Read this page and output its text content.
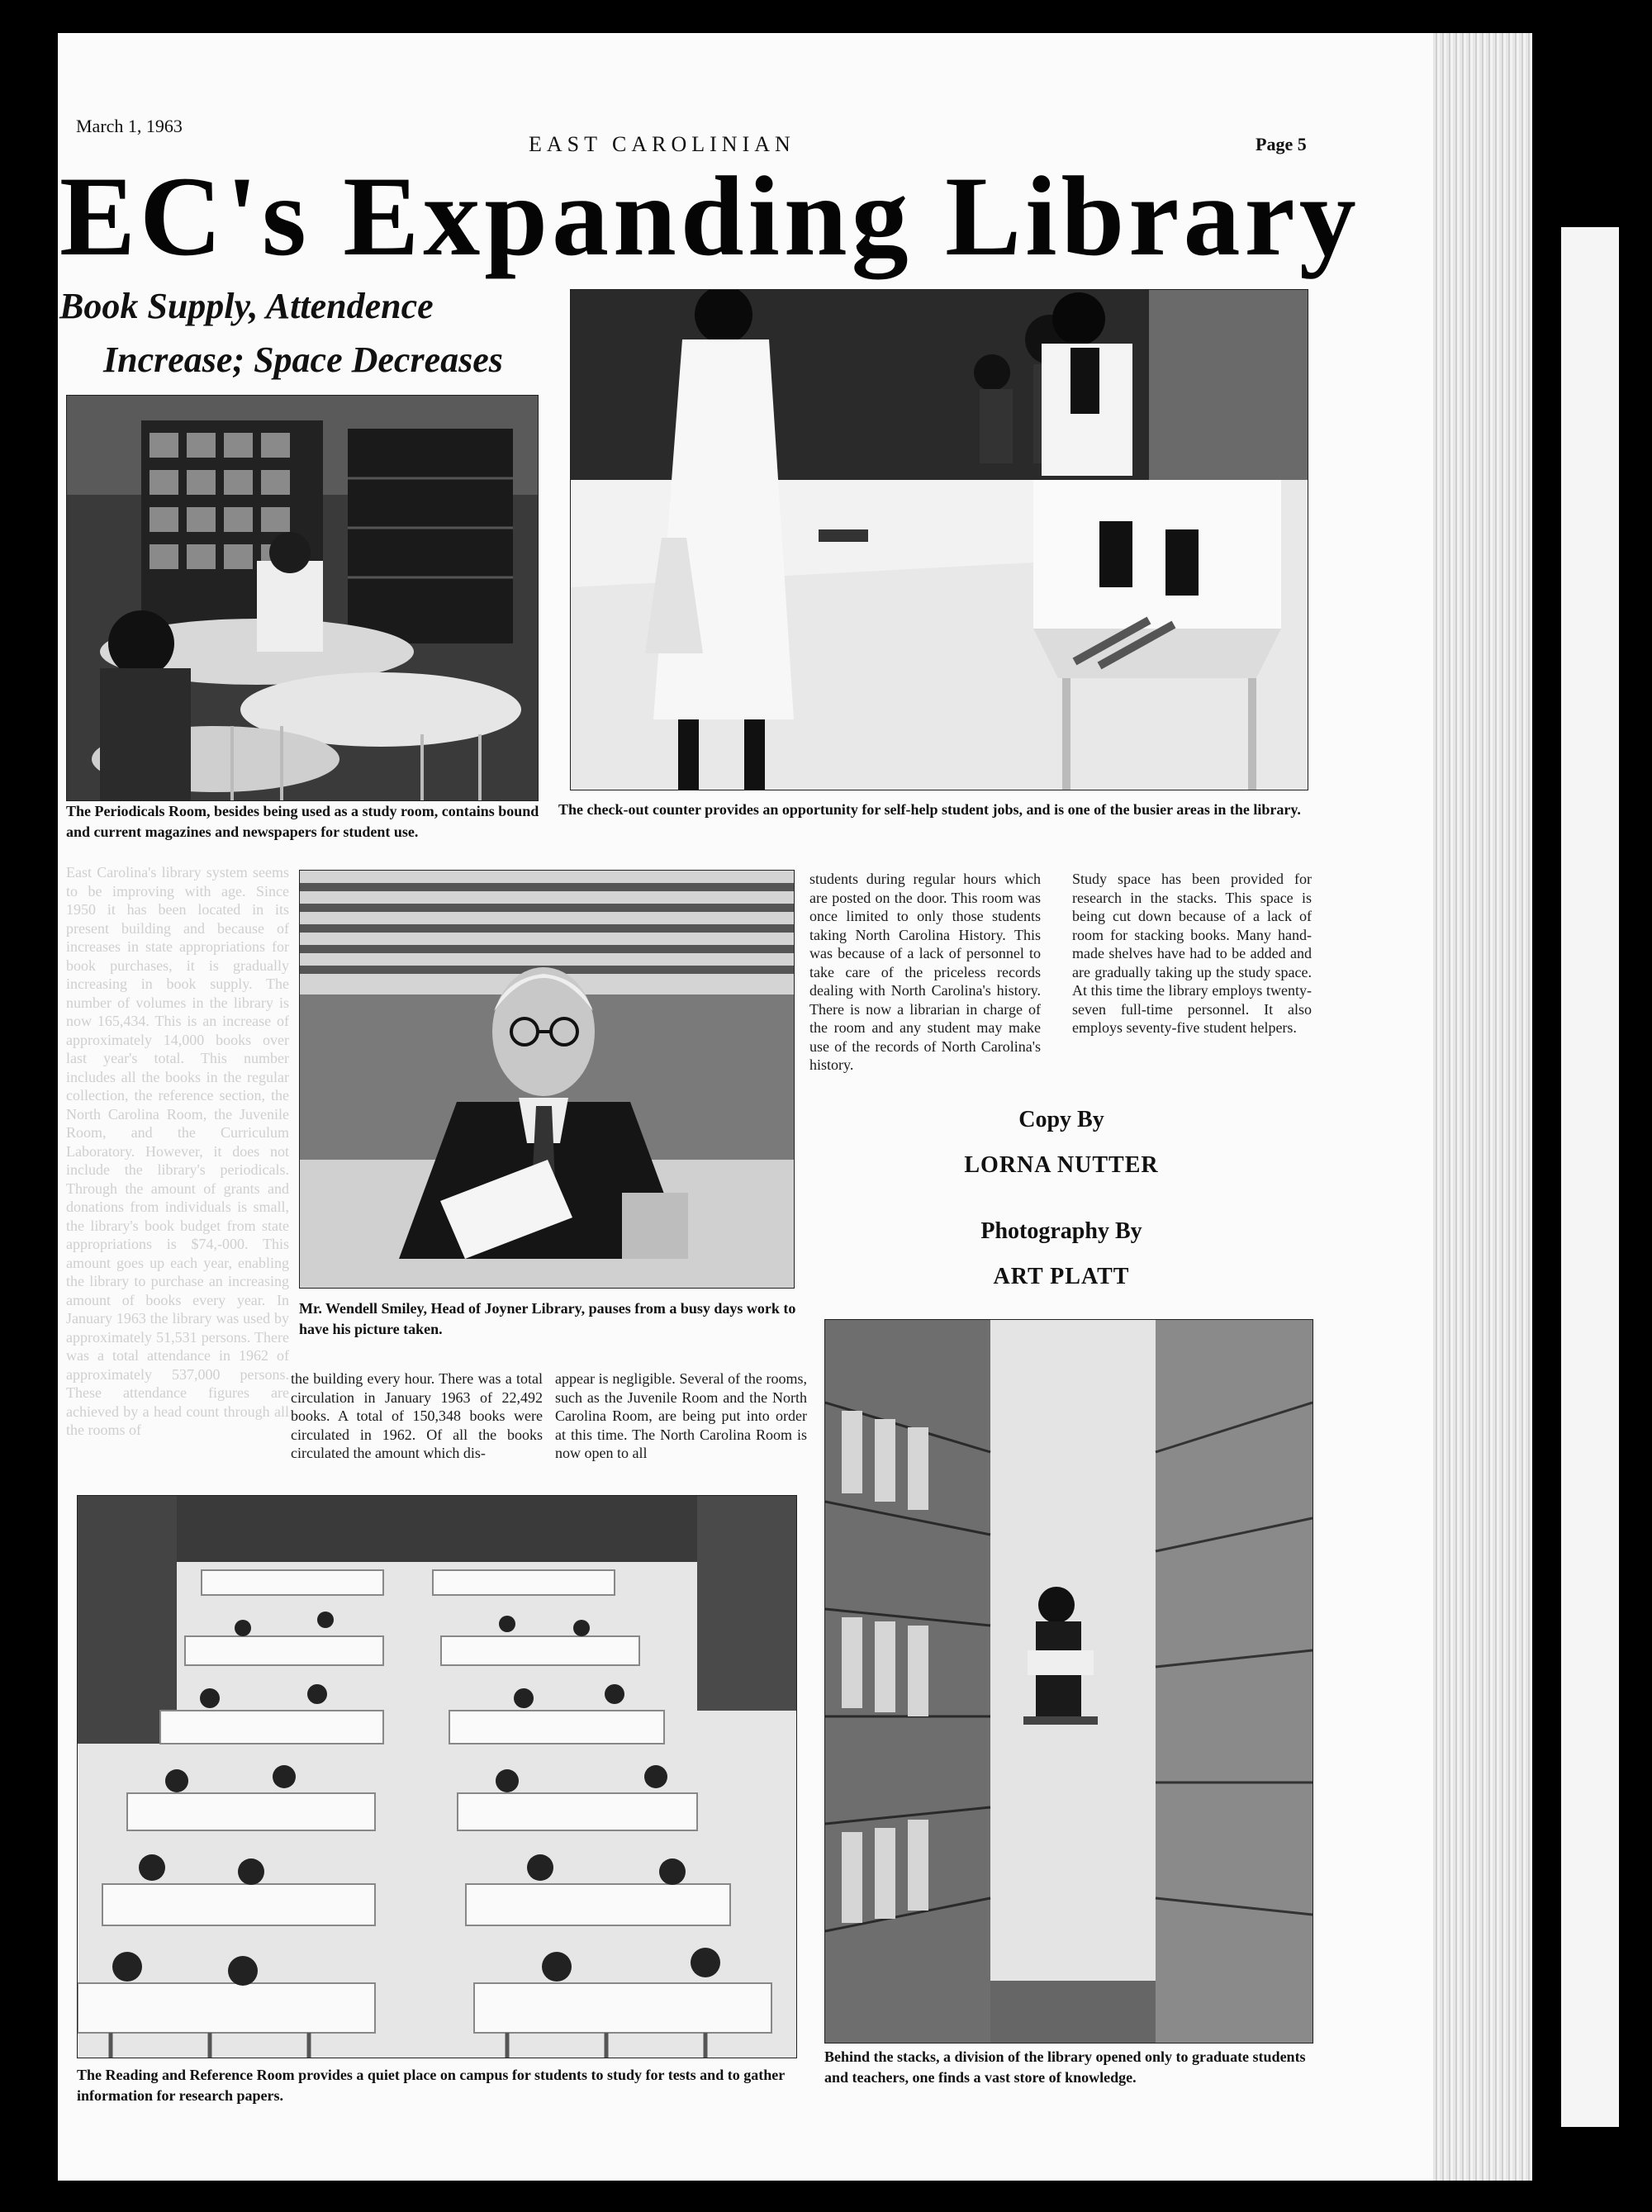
March 1, 1963
EAST CAROLINIAN	Page 5
EC's Expanding Library
Book Supply, Attendence
Increase; Space Decreases
The Periodicals Room, besides being used as a study room, contains bound and current magazines and newspapers for student use.
The check-out counter provides an opportunity for self-help student jobs, and is one of the busier areas in the library.
Mr. Wendell Smiley, Head of Joyner Library, pauses from a busy days work to have his picture taken.
East Carolina's library system seems to be improving with age. Since 1950 it has been located in its present building and because of increases in state appropriations for book purchases, it is gradually increasing in book supply. The number of volumes in the library is now 165,434. This is an increase of approximately 14,000 books over last year's total. This number includes all the books in the regular collection, the reference section, the North Carolina Room, the Juvenile Room, and the Curriculum Laboratory. However, it does not include the library's periodicals. Through the amount of grants and donations from individuals is small, the library's book budget from state appropriations is $74,-000. This amount goes up each year, enabling the library to purchase an increasing amount of books every year. In January 1963 the library was used by approximately 51,531 persons. There was a total attendance in 1962 of approximately 537,000 persons. These attendance figures are achieved by a head count through all the rooms of
the building every hour. There was a total circulation in January 1963 of 22,492 books. A total of 150,348 books were circulated in 1962. Of all the books circulated the amount which dis-
appear is negligible. Several of the rooms, such as the Juvenile Room and the North Carolina Room, are being put into order at this time. The North Carolina Room is now open to all
students during regular hours which are posted on the door. This room was once limited to only those students taking North Carolina History. This was because of a lack of personnel to take care of the priceless records dealing with North Carolina's history. There is now a librarian in charge of the room and any student may make use of the records of North Carolina's history.
Study space has been provided for research in the stacks. This space is being cut down because of a lack of room for stacking books. Many hand-made shelves have had to be added and are gradually taking up the study space. At this time the library employs twenty-seven full-time personnel. It also employs seventy-five student helpers.
Copy By
LORNA NUTTER
Photography By
ART PLATT
The Reading and Reference Room provides a quiet place on campus for students to study for tests and to gather information for research papers.
Behind the stacks, a division of the library opened only to graduate students and teachers, one finds a vast store of knowledge.
